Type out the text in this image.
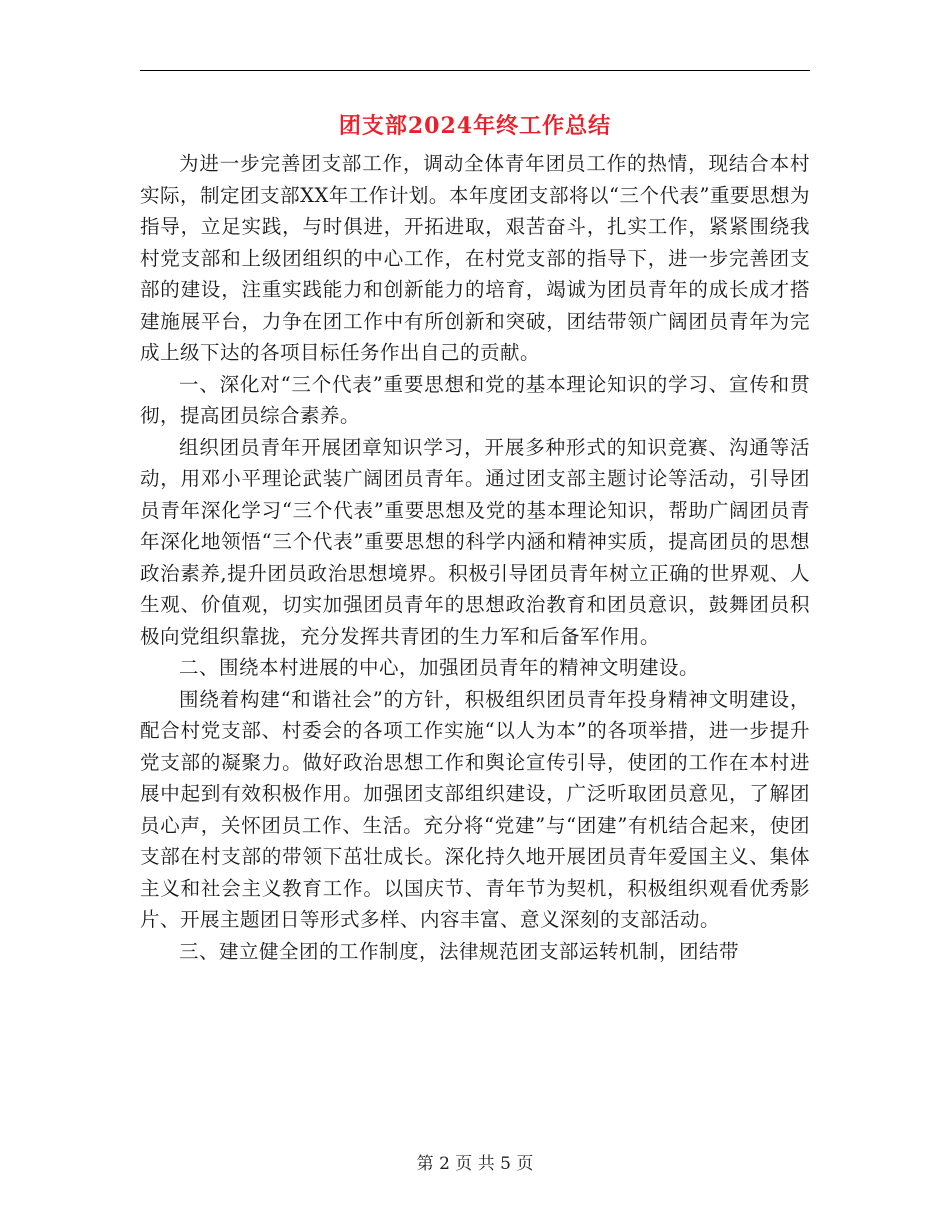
团支部2024年终工作总结

为进一步完善团支部工作，调动全体青年团员工作的热情，现结合本村实际，制定团支部XX年工作计划。本年度团支部将以“三个代表”重要思想为指导，立足实践，与时俱进，开拓进取，艰苦奋斗，扎实工作，紧紧围绕我村党支部和上级团组织的中心工作，在村党支部的指导下，进一步完善团支部的建设，注重实践能力和创新能力的培育，竭诚为团员青年的成长成才搭建施展平台，力争在团工作中有所创新和突破，团结带领广阔团员青年为完成上级下达的各项目标任务作出自己的贡献。

一、深化对“三个代表”重要思想和党的基本理论知识的学习、宣传和贯彻，提高团员综合素养。

组织团员青年开展团章知识学习，开展多种形式的知识竞赛、沟通等活动，用邓小平理论武装广阔团员青年。通过团支部主题讨论等活动，引导团员青年深化学习“三个代表”重要思想及党的基本理论知识，帮助广阔团员青年深化地领悟“三个代表”重要思想的科学内涵和精神实质，提高团员的思想政治素养,提升团员政治思想境界。积极引导团员青年树立正确的世界观、人生观、价值观，切实加强团员青年的思想政治教育和团员意识，鼓舞团员积极向党组织靠拢，充分发挥共青团的生力军和后备军作用。

二、围绕本村进展的中心，加强团员青年的精神文明建设。

围绕着构建“和谐社会”的方针，积极组织团员青年投身精神文明建设，配合村党支部、村委会的各项工作实施“以人为本”的各项举措，进一步提升党支部的凝聚力。做好政治思想工作和舆论宣传引导，使团的工作在本村进展中起到有效积极作用。加强团支部组织建设，广泛听取团员意见，了解团员心声，关怀团员工作、生活。充分将“党建”与“团建”有机结合起来，使团支部在村支部的带领下茁壮成长。深化持久地开展团员青年爱国主义、集体主义和社会主义教育工作。以国庆节、青年节为契机，积极组织观看优秀影片、开展主题团日等形式多样、内容丰富、意义深刻的支部活动。

三、建立健全团的工作制度，法律规范团支部运转机制，团结带

第 2 页 共 5 页
